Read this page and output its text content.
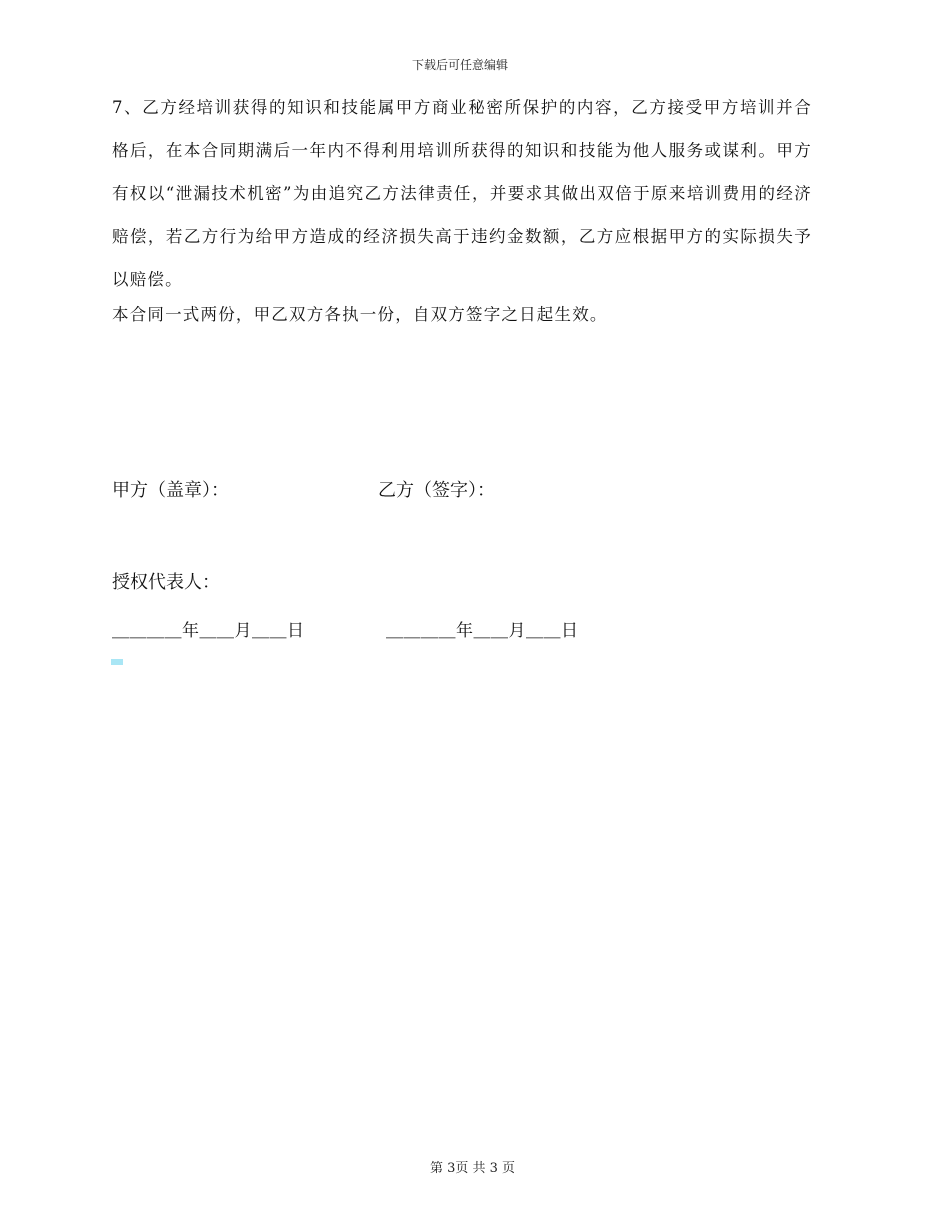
下载后可任意编辑

7、乙方经培训获得的知识和技能属甲方商业秘密所保护的内容，乙方接受甲方培训并合格后，在本合同期满后一年内不得利用培训所获得的知识和技能为他人服务或谋利。甲方有权以“泄漏技术机密”为由追究乙方法律责任，并要求其做出双倍于原来培训费用的经济赔偿，若乙方行为给甲方造成的经济损失高于违约金数额，乙方应根据甲方的实际损失予以赔偿。

本合同一式两份，甲乙双方各执一份，自双方签字之日起生效。

甲方（盖章）：	乙方（签字）：
授权代表人：
＿＿＿＿年＿＿月＿＿日	＿＿＿＿年＿＿月＿＿日
第 3页 共 3 页
